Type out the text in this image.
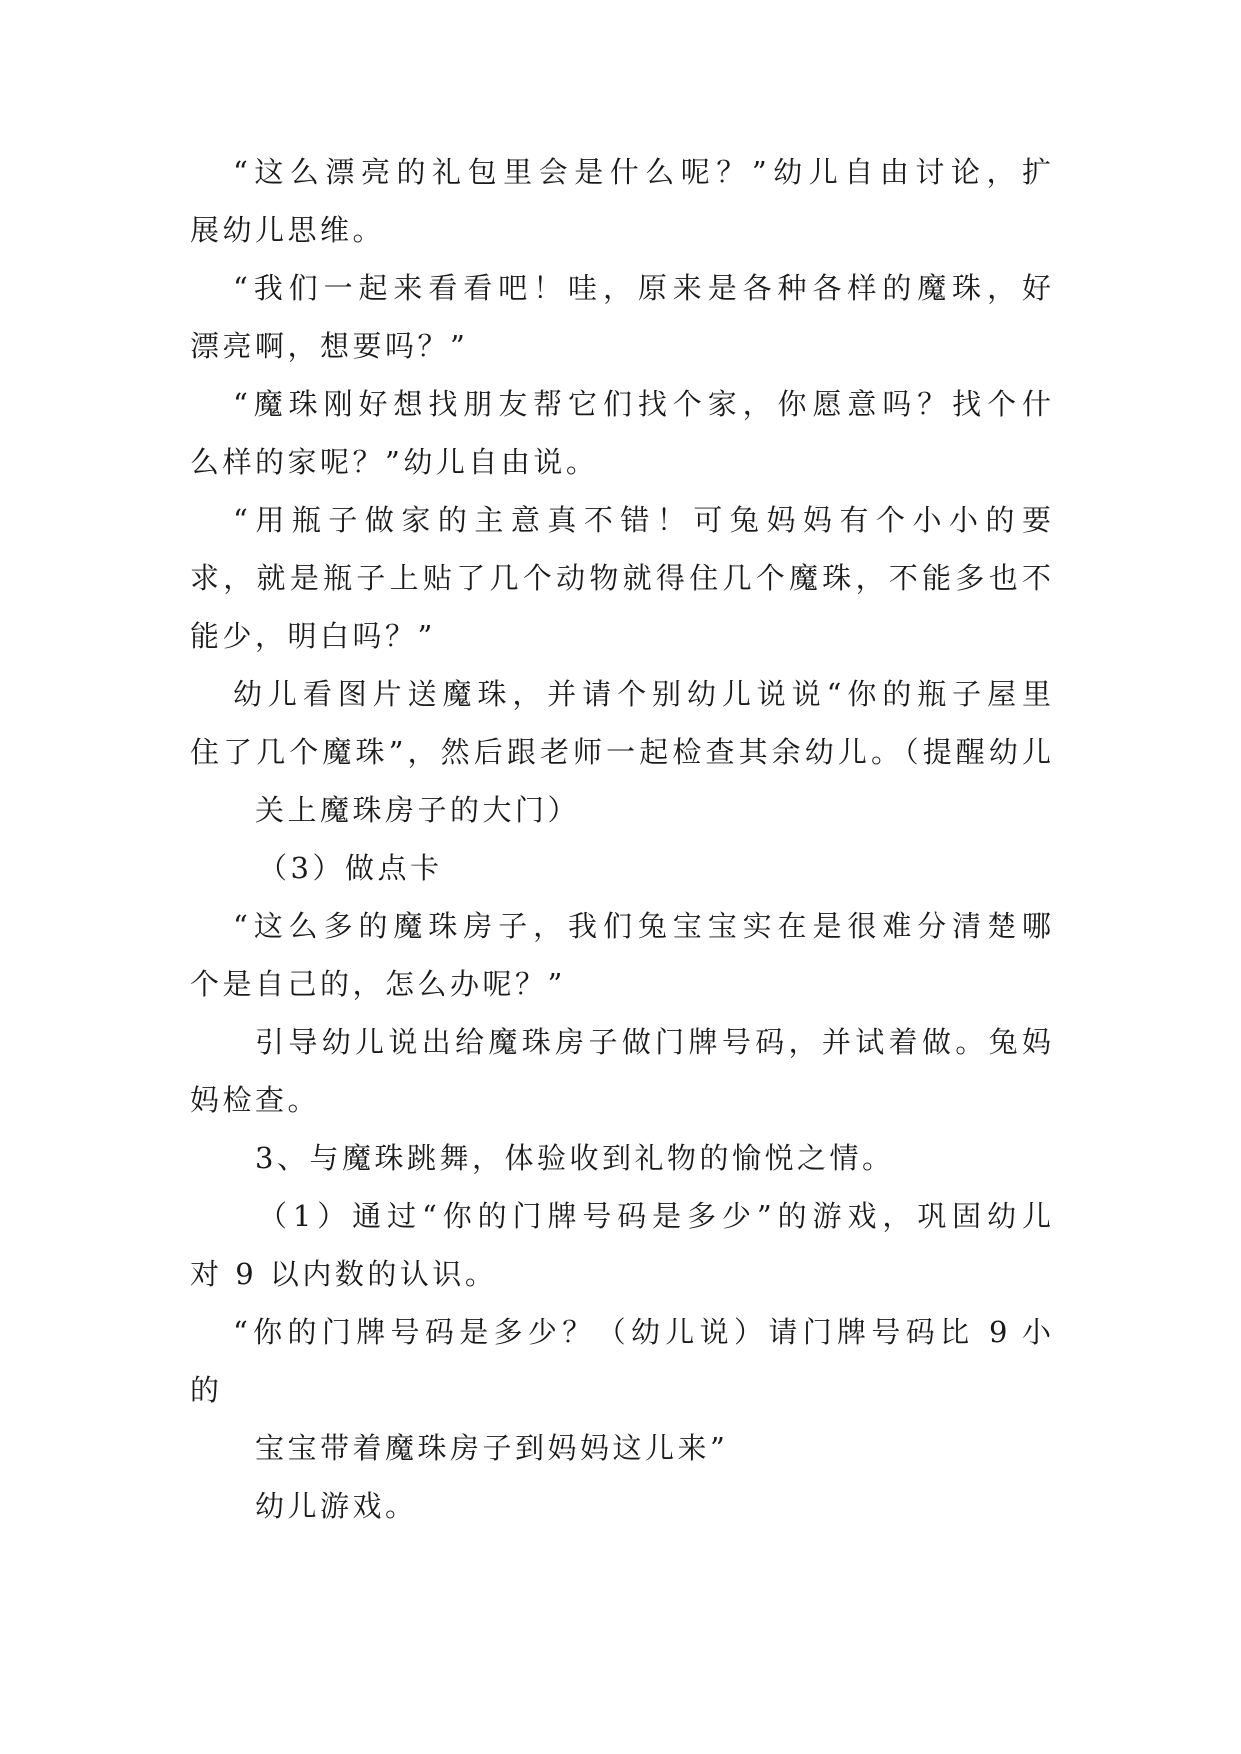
“这么漂亮的礼包里会是什么呢？”幼儿自由讨论，扩
展幼儿思维。
“我们一起来看看吧！哇，原来是各种各样的魔珠，好
漂亮啊，想要吗？”
“魔珠刚好想找朋友帮它们找个家，你愿意吗？找个什
么样的家呢？”幼儿自由说。
“用瓶子做家的主意真不错！可兔妈妈有个小小的要
求，就是瓶子上贴了几个动物就得住几个魔珠，不能多也不
能少，明白吗？”
幼儿看图片送魔珠，并请个别幼儿说说“你的瓶子屋里
住了几个魔珠”，然后跟老师一起检查其余幼儿。（提醒幼儿
关上魔珠房子的大门）
（3）做点卡
“这么多的魔珠房子，我们兔宝宝实在是很难分清楚哪
个是自己的，怎么办呢？”
引导幼儿说出给魔珠房子做门牌号码，并试着做。兔妈
妈检查。
3、与魔珠跳舞，体验收到礼物的愉悦之情。
（1）通过“你的门牌号码是多少”的游戏，巩固幼儿
对 9 以内数的认识。
“你的门牌号码是多少？（幼儿说）请门牌号码比 9 小
的
宝宝带着魔珠房子到妈妈这儿来”
幼儿游戏。
